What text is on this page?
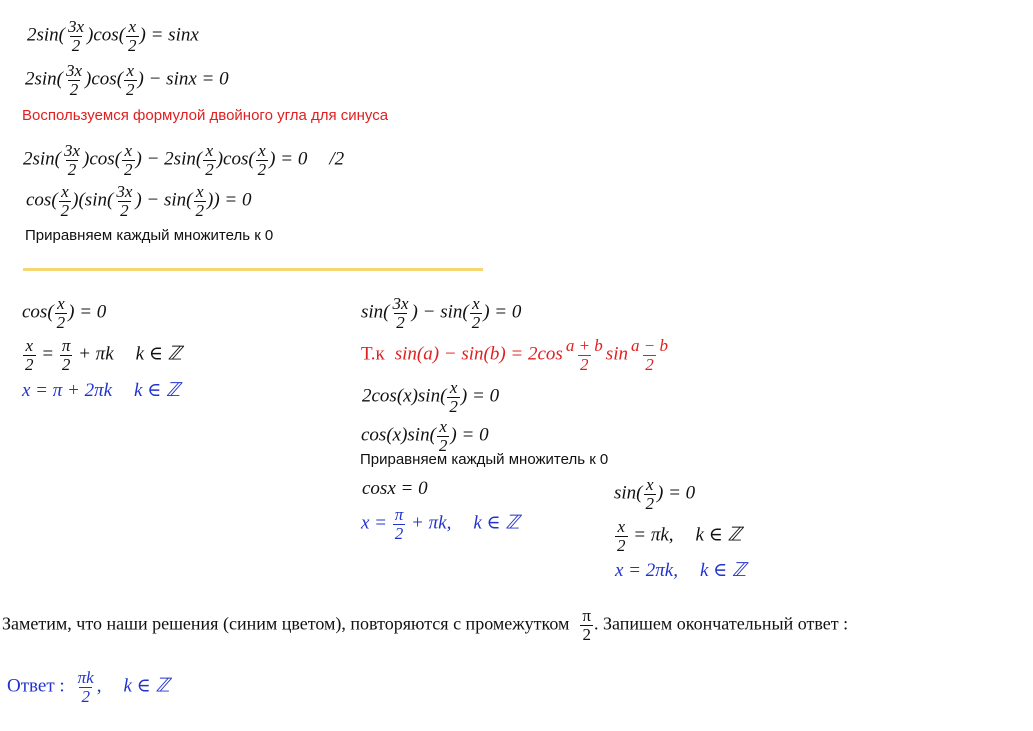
$2\sin( \frac{3x}{2} )\cos( \frac{x}{2}$ ) = sinx
$2\sin( \frac{3x}{2} )\cos( \frac{x}{2}$ ) − sinx = 0
Воспользуемся формулой двойного угла для синуса
$2\sin( \frac{3x}{2} )\cos( \frac{x}{2}$ ) − $2\sin( \frac{x}{2} )\cos( \frac{x}{2}$ ) = 0 /2
$\cos( \frac{x}{2} )(\sin( \frac{3x}{2}$ ) − $\sin( \frac{x}{2}$ )) = 0
Приравняем каждый множитель к 0
$\cos( \frac{x}{2}$ ) = 0
$\frac{x}{2} = \frac{\pi}{2} + \pi k$ k ∈ ℤ
x = π + 2πk k ∈ ℤ
$\sin( \frac{3x}{2}$ ) − $\sin( \frac{x}{2}$ ) = 0
Т.к $\sin(a) - \sin(b) = 2\cos \frac{a + b}{2}$ $\sin \frac{a - b}{2}$
$2\cos(x)\sin( \frac{x}{2}$ ) = 0
$\cos(x)\sin( \frac{x}{2}$ ) = 0
Приравняем каждый множитель к 0
cosx = 0
$x = \frac{\pi}{2} + \pi k$, k ∈ ℤ
$\sin( \frac{x}{2}$ ) = 0
$\frac{x}{2} = \pi k$, k ∈ ℤ
x = 2πk, k ∈ ℤ
Заметим, что наши решения (синим цветом), повторяются с промежутком $\frac{\pi}{2}$ . Запишем окончательный ответ :
Ответ : $\frac{\pi k}{2}$ , k ∈ ℤ
